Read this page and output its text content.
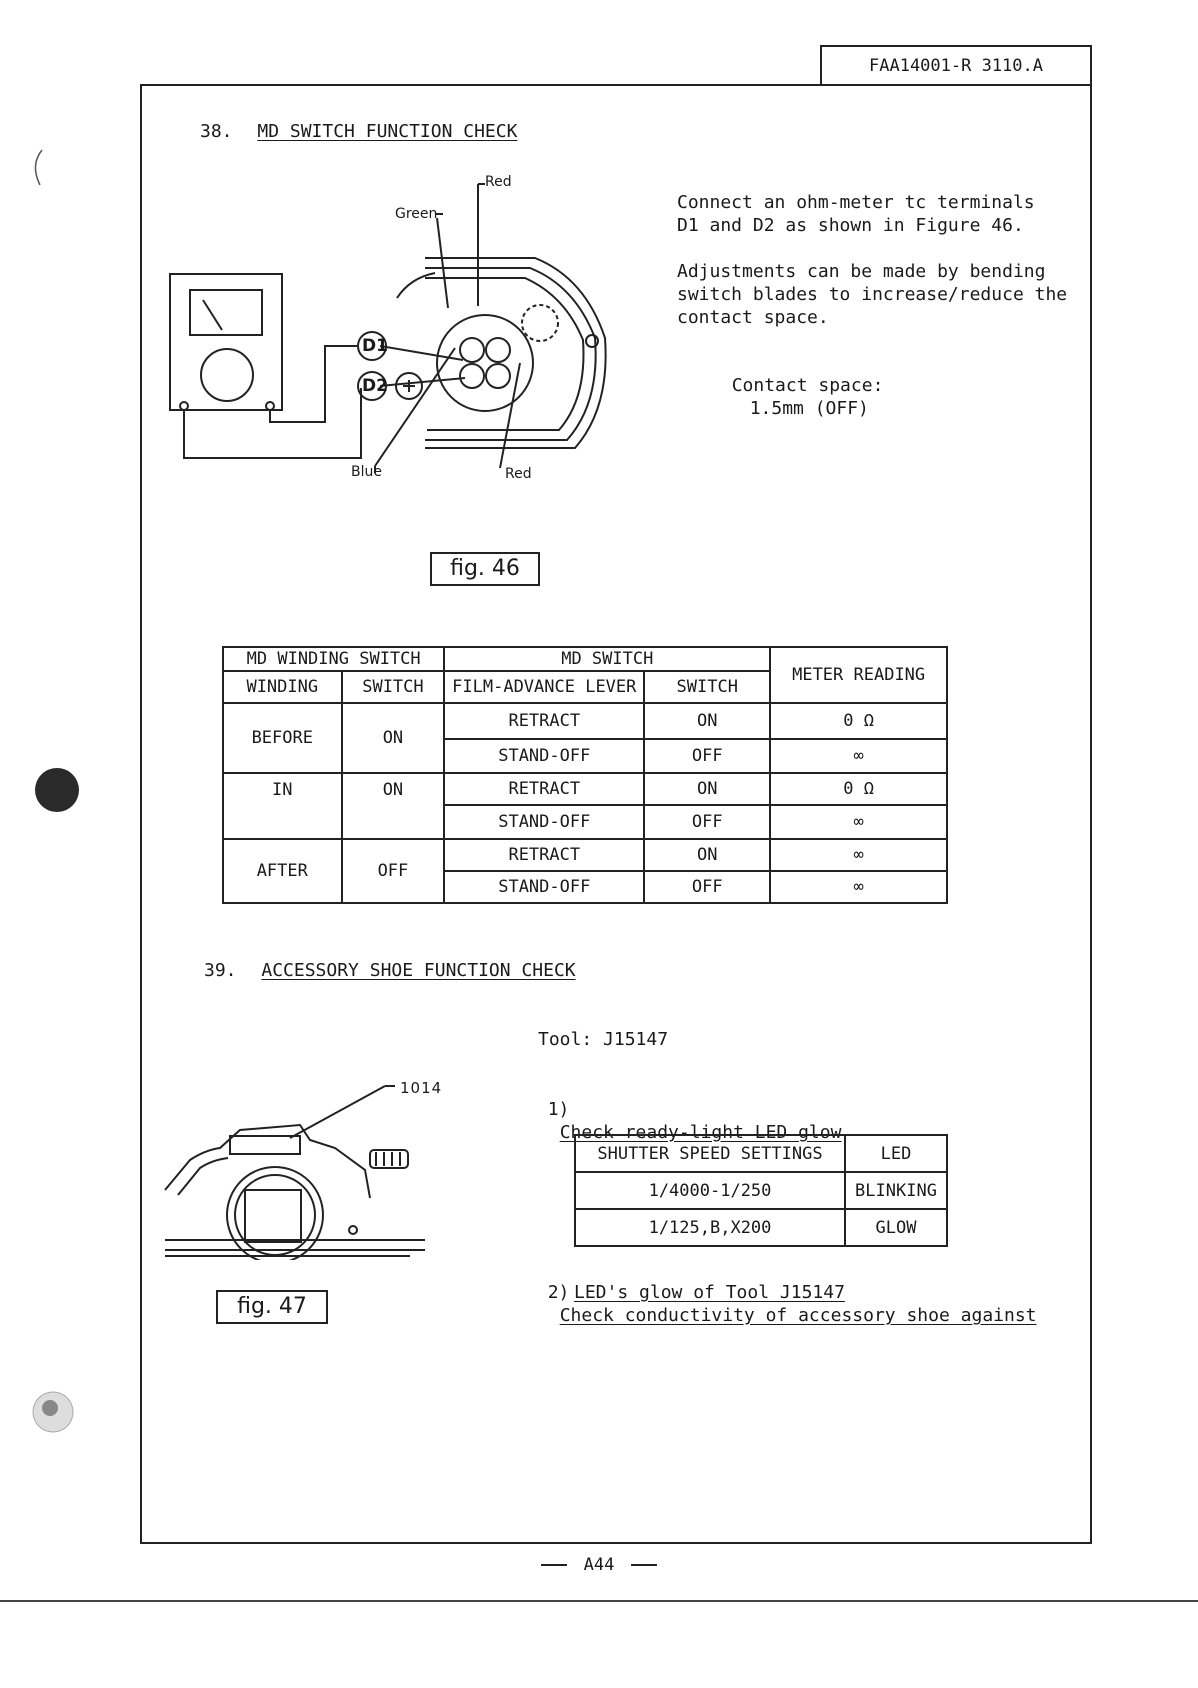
FAA14001-R 3110.A
38. MD SWITCH FUNCTION CHECK
Red
Green
Blue	Red
D1
D2
fig. 46
Connect an ohm-meter tc terminals
D1 and D2 as shown in Figure 46.
Adjustments can be made by bending
switch blades to increase/reduce the
contact space.

Contact space:
1.5mm (OFF)

MD WINDING SWITCH		MD SWITCH		METER READING
WINDING	SWITCH	FILM-ADVANCE LEVER	SWITCH	
BEFORE	ON	RETRACT	ON	0 Ω
		STAND-OFF	OFF	∞
IN	ON	RETRACT	ON	0 Ω
		STAND-OFF	OFF	∞
AFTER	OFF	RETRACT	ON	∞
		STAND-OFF	OFF	∞
39. ACCESSORY SHOE FUNCTION CHECK
Tool: J15147

1)
Check ready-light LED glow

SHUTTER SPEED SETTINGS	LED
1/4000-1/250	BLINKING
1/125,B,X200	GLOW

2)
Check conductivity of accessory shoe against

LED's glow of Tool J15147
1014
fig. 47
A44
